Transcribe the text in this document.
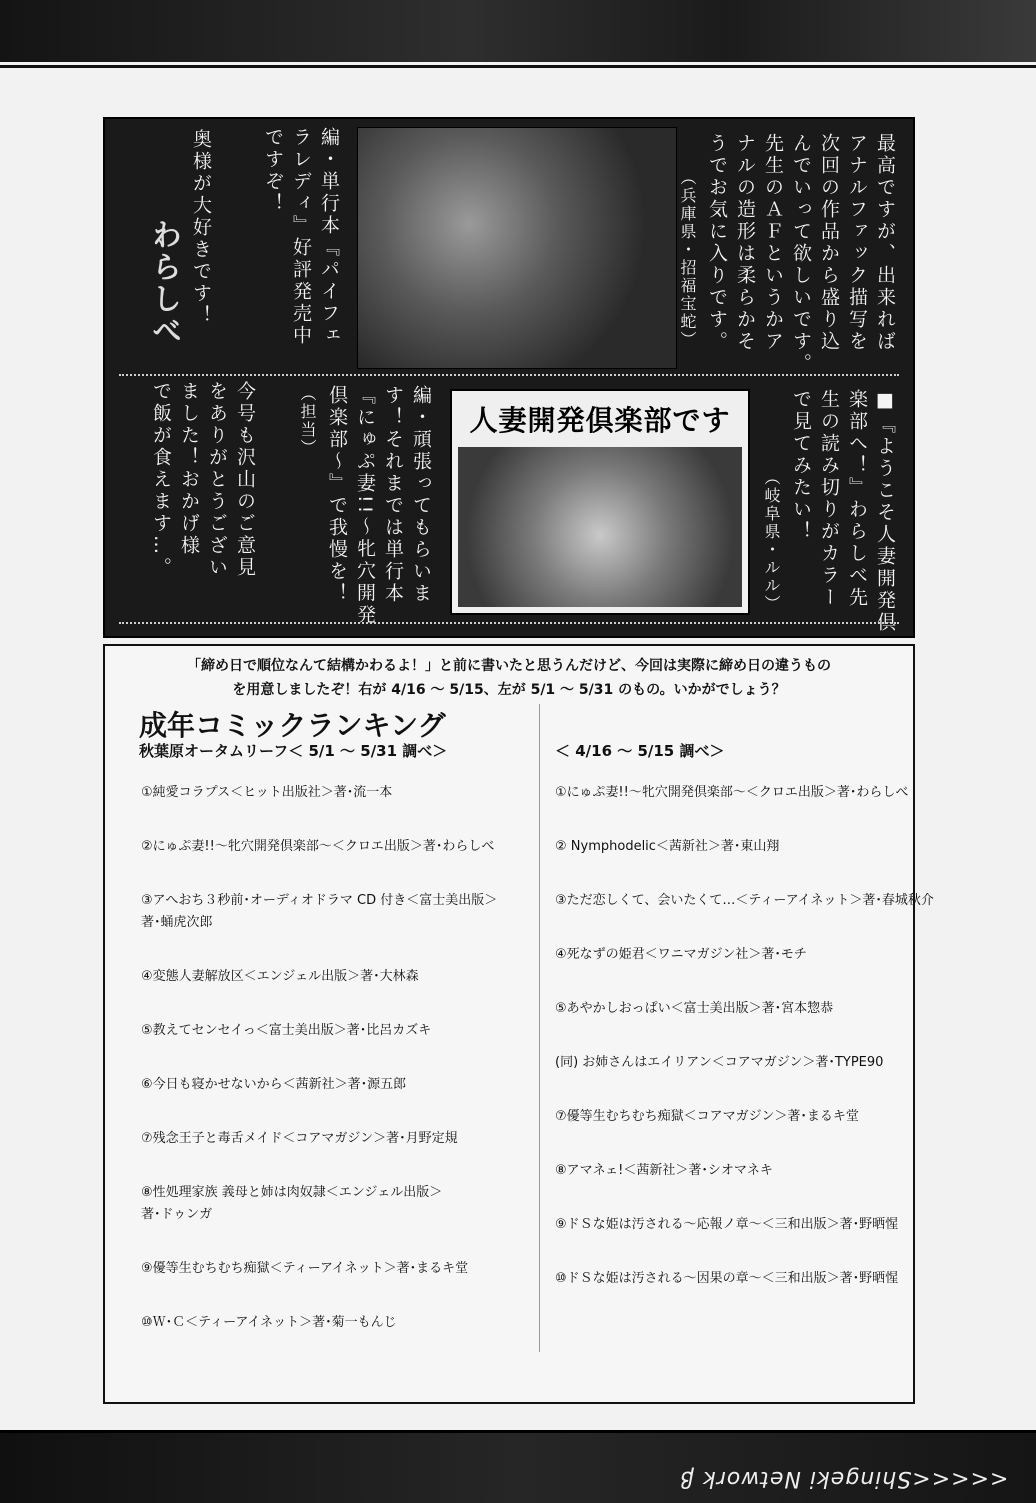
最高ですが、出来れば
アナルファック描写を
次回の作品から盛り込
んでいって欲しいです。
先生のＡＦというかア
ナルの造形は柔らかそ
うでお気に入りです。
（兵庫県・招福宝蛇）
編・単行本『パイフェ
ラレディ』好評発売中
ですぞ！
奥様が大好きです！
わらしべ
■『ようこそ人妻開発倶
楽部へ！』わらしべ先
生の読み切りがカラー
で見てみたい！
（岐阜県・ルル）
人妻開発倶楽部です
編・頑張ってもらいま
す！それまでは単行本
『にゅぷ妻!!〜牝穴開発
倶楽部〜』で我慢を！
（担当）
今号も沢山のご意見
をありがとうござい
ました！おかげ様
で飯が食えます…。
「締め日で順位なんて結構かわるよ！」と前に書いたと思うんだけど、今回は実際に締め日の違うもの
を用意しましたぞ！右が 4/16 〜 5/15、左が 5/1 〜 5/31 のもの。いかがでしょう？
成年コミックランキング
秋葉原オータムリーフ＜ 5/1 〜 5/31 調べ＞	＜ 4/16 〜 5/15 調べ＞
①純愛コラプス＜ヒット出版社＞著･流一本
②にゅぷ妻!!〜牝穴開発倶楽部〜＜クロエ出版＞著･わらしべ
③アへおち３秒前･オーディオドラマ CD 付き＜富士美出版＞
著･蛹虎次郎
④変態人妻解放区＜エンジェル出版＞著･大林森
⑤教えてセンセイっ＜富士美出版＞著･比呂カズキ
⑥今日も寝かせないから＜茜新社＞著･源五郎
⑦残念王子と毒舌メイド＜コアマガジン＞著･月野定規
⑧性処理家族 義母と姉は肉奴隷＜エンジェル出版＞
著･ドゥンガ
⑨優等生むちむち痴獄＜ティーアイネット＞著･まるキ堂
⑩Ｗ･Ｃ＜ティーアイネット＞著･菊一もんじ
①にゅぷ妻!!〜牝穴開発倶楽部〜＜クロエ出版＞著･わらしべ
② Nymphodelic＜茜新社＞著･東山翔
③ただ恋しくて、会いたくて…＜ティーアイネット＞著･春城秋介
④死なずの姫君＜ワニマガジン社＞著･モチ
⑤あやかしおっぱい＜富士美出版＞著･宮本惣恭
(同) お姉さんはエイリアン＜コアマガジン＞著･TYPE90
⑦優等生むちむち痴獄＜コアマガジン＞著･まるキ堂
⑧アマネェ!＜茜新社＞著･シオマネキ
⑨ドＳな姫は汚される〜応報ノ章〜＜三和出版＞著･野晒惺
⑩ドＳな姫は汚される〜因果の章〜＜三和出版＞著･野晒惺
<<<<<Shingeki Network β
